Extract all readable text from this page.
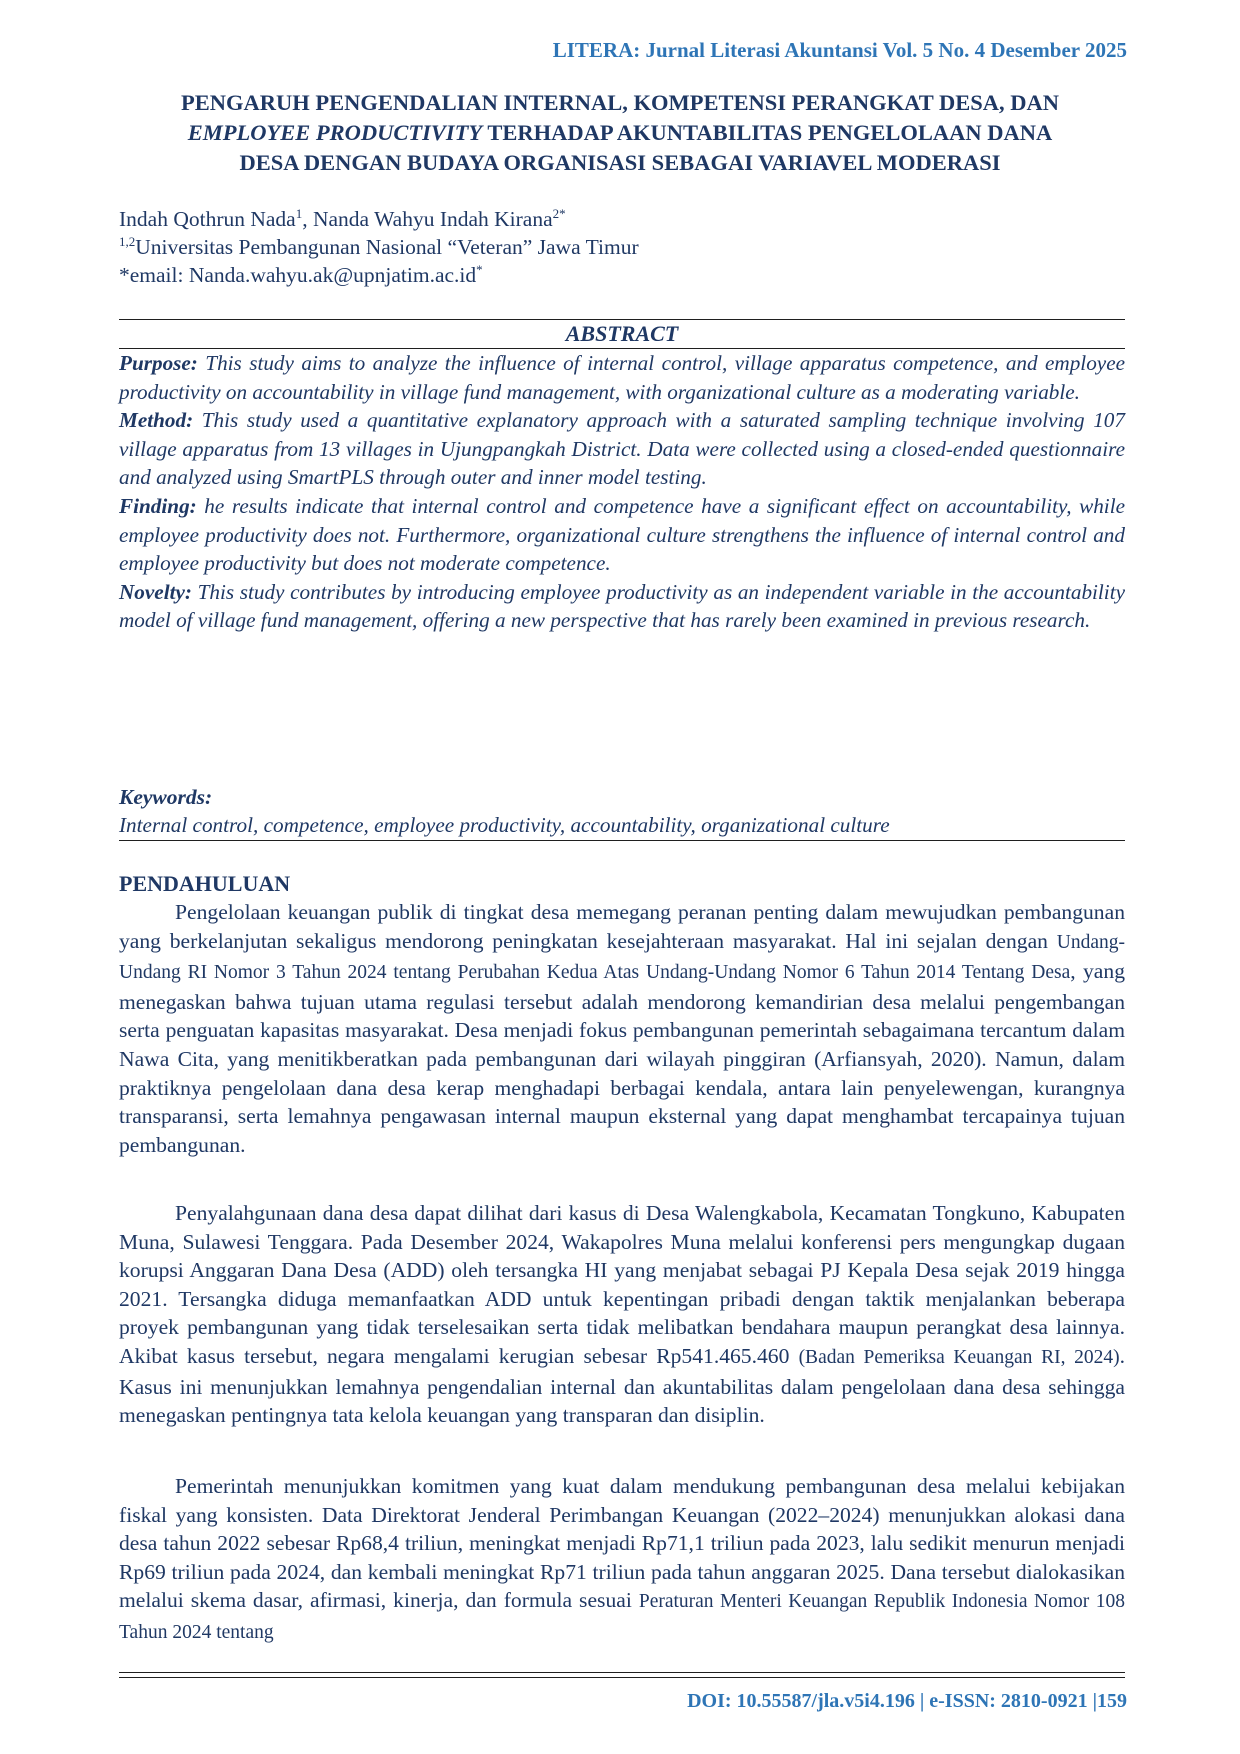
LITERA: Jurnal Literasi Akuntansi Vol. 5 No. 4 Desember 2025
PENGARUH PENGENDALIAN INTERNAL, KOMPETENSI PERANGKAT DESA, DAN
EMPLOYEE PRODUCTIVITY TERHADAP AKUNTABILITAS PENGELOLAAN DANA
DESA DENGAN BUDAYA ORGANISASI SEBAGAI VARIAVEL MODERASI
Indah Qothrun Nada$^1$, Nanda Wahyu Indah Kirana$^{2*}$
$^{1,2}$Universitas Pembangunan Nasional “Veteran” Jawa Timur
*email: Nanda.wahyu.ak@upnjatim.ac.id*
ABSTRACT

Purpose: This study aims to analyze the influence of internal control, village apparatus competence, and employee productivity on accountability in village fund management, with organizational culture as a moderating variable.

Method: This study used a quantitative explanatory approach with a saturated sampling technique involving 107 village apparatus from 13 villages in Ujungpangkah District. Data were collected using a closed-ended questionnaire and analyzed using SmartPLS through outer and inner model testing.

Finding: he results indicate that internal control and competence have a significant effect on accountability, while employee productivity does not. Furthermore, organizational culture strengthens the influence of internal control and employee productivity but does not moderate competence.

Novelty: This study contributes by introducing employee productivity as an independent variable in the accountability model of village fund management, offering a new perspective that has rarely been examined in previous research.

Keywords:
Internal control, competence, employee productivity, accountability, organizational culture
PENDAHULUAN

Pengelolaan keuangan publik di tingkat desa memegang peranan penting dalam mewujudkan pembangunan yang berkelanjutan sekaligus mendorong peningkatan kesejahteraan masyarakat. Hal ini sejalan dengan Undang-Undang RI Nomor 3 Tahun 2024 tentang Perubahan Kedua Atas Undang-Undang Nomor 6 Tahun 2014 Tentang Desa, yang menegaskan bahwa tujuan utama regulasi tersebut adalah mendorong kemandirian desa melalui pengembangan serta penguatan kapasitas masyarakat. Desa menjadi fokus pembangunan pemerintah sebagaimana tercantum dalam Nawa Cita, yang menitikberatkan pada pembangunan dari wilayah pinggiran (Arfiansyah, 2020). Namun, dalam praktiknya pengelolaan dana desa kerap menghadapi berbagai kendala, antara lain penyelewengan, kurangnya transparansi, serta lemahnya pengawasan internal maupun eksternal yang dapat menghambat tercapainya tujuan pembangunan.

Penyalahgunaan dana desa dapat dilihat dari kasus di Desa Walengkabola, Kecamatan Tongkuno, Kabupaten Muna, Sulawesi Tenggara. Pada Desember 2024, Wakapolres Muna melalui konferensi pers mengungkap dugaan korupsi Anggaran Dana Desa (ADD) oleh tersangka HI yang menjabat sebagai PJ Kepala Desa sejak 2019 hingga 2021. Tersangka diduga memanfaatkan ADD untuk kepentingan pribadi dengan taktik menjalankan beberapa proyek pembangunan yang tidak terselesaikan serta tidak melibatkan bendahara maupun perangkat desa lainnya. Akibat kasus tersebut, negara mengalami kerugian sebesar Rp541.465.460 (Badan Pemeriksa Keuangan RI, 2024). Kasus ini menunjukkan lemahnya pengendalian internal dan akuntabilitas dalam pengelolaan dana desa sehingga menegaskan pentingnya tata kelola keuangan yang transparan dan disiplin.

Pemerintah menunjukkan komitmen yang kuat dalam mendukung pembangunan desa melalui kebijakan fiskal yang konsisten. Data Direktorat Jenderal Perimbangan Keuangan (2022–2024) menunjukkan alokasi dana desa tahun 2022 sebesar Rp68,4 triliun, meningkat menjadi Rp71,1 triliun pada 2023, lalu sedikit menurun menjadi Rp69 triliun pada 2024, dan kembali meningkat Rp71 triliun pada tahun anggaran 2025. Dana tersebut dialokasikan melalui skema dasar, afirmasi, kinerja, dan formula sesuai Peraturan Menteri Keuangan Republik Indonesia Nomor 108 Tahun 2024 tentang

DOI: 10.55587/jla.v5i4.196 | e-ISSN: 2810-0921 |159
